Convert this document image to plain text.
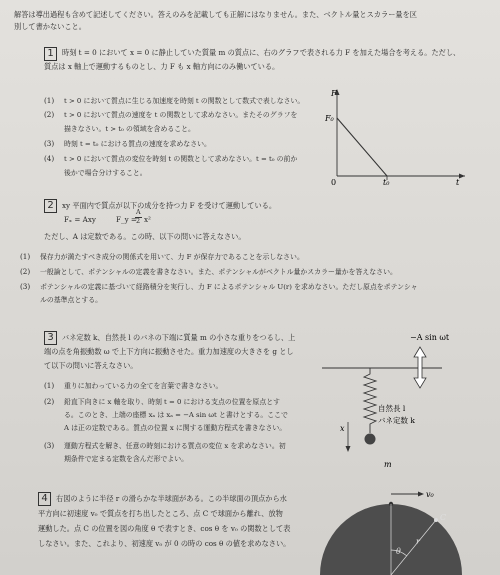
解答は導出過程も含めて記述してください。答えのみを記載しても正解にはなりません。また、ベクトル量とスカラー量を区
別して書かないこと。
1	時刻 t = 0 において x = 0 に静止していた質量 m の質点に、右のグラフで表される力 F を加えた場合を考える。ただし、
質点は x 軸上で運動するものとし、力 F も x 軸方向にのみ働いている。
(1) t > 0 において質点に生じる加速度を時刻 t の関数として数式で表しなさい。
(2) t > 0 において質点の速度を t の関数として求めなさい。またそのグラフを
描きなさい。t > t₀ の領域を含めること。
(3) 時刻 t = t₀ における質点の速度を求めなさい。
(4) t > 0 において質点の変位を時刻 t の関数として求めなさい。t = t₀ の前か
後かで場合分けすること。
F
F₀
0	t₀	t
2	xy 平面内で質点が以下の成分を持つ力 F を受けて運動している。
Fₓ = Axy	F_y =
A
2 x²
ただし、A は定数である。この時、以下の問いに答えなさい。
(1) 保存力が満たすべき成分の関係式を用いて、力 F が保存力であることを示しなさい。
(2) 一般論として、ポテンシャルの定義を書きなさい。また、ポテンシャルがベクトル量かスカラー量かを答えなさい。
(3) ポテンシャルの定義に基づいて経路積分を実行し、力 F によるポテンシャル U(r) を求めなさい。ただし原点をポテンシャ
ルの基準点とする。
3	バネ定数 k、自然長 l のバネの下端に質量 m の小さな重りをつるし、上
端の点を角振動数 ω で上下方向に振動させた。重力加速度の大きさを g とし
て以下の問いに答えなさい。
(1) 重りに加わっている力の全てを言葉で書きなさい。
(2) 鉛直下向きに x 軸を取り、時刻 t = 0 における支点の位置を原点とす
る。このとき、上端の座標 xₐ は xₐ = −A sin ωt と書けとする。ここで
A は正の定数である。質点の位置 x に関する運動方程式を書きなさい。
(3) 運動方程式を解き、任意の時刻における質点の変位 x を求めなさい。初
期条件で定まる定数を含んだ形でよい。
−A sin ωt
自然長 l
バネ定数 k
x
m
4	右図のように半径 r の滑らかな半球面がある。この半球面の頂点から水
平方向に初速度 v₀ で質点を打ち出したところ、点 C で球面から離れ、放物
運動した。点 C の位置を図の角度 θ で表すとき、cos θ を v₀ の関数として表
しなさい。また、これより、初速度 v₀ が 0 の時の cos θ の値を求めなさい。
v₀
C
r
θ
